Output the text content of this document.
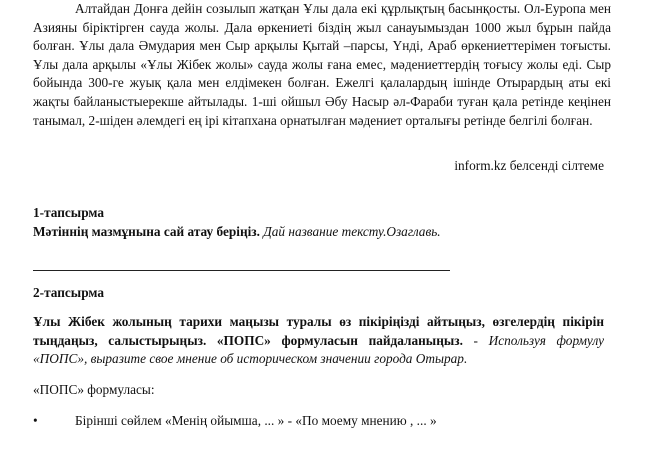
Алтайдан Донға дейін созылып жатқан Ұлы дала екі құрлықтың басынқосты. Ол-Еуропа мен Азияны біріктірген сауда жолы. Дала өркениеті біздің жыл санауымыздан 1000 жыл бұрын пайда болған. Ұлы дала Әмудария мен Сыр арқылы Қытай –парсы, Үнді, Араб өркениеттерімен тоғысты. Ұлы дала арқылы «Ұлы Жібек жолы» сауда жолы ғана емес, мәдениеттердің тоғысу жолы еді. Сыр бойында 300-ге жуық қала мен елдімекен болған. Ежелгі қалалардың ішінде Отырардың аты екі жақты байланыстыерекше айтылады. 1-ші ойшыл Әбу Насыр әл-Фараби туған қала ретінде кеңінен танымал, 2-шіден әлемдегі ең ірі кітапхана орнатылған мәдениет орталығы ретінде белгілі болған.
inform.kz белсенді сілтеме
1-тапсырма
Мәтіннің мазмұнына сай атау беріңіз. Дай название тексту.Озаглавь.
2-тапсырма
Ұлы Жібек жолының тарихи маңызы туралы өз пікіріңізді айтыңыз, өзгелердің пікірін тыңдаңыз, салыстырыңыз. «ПОПС» формуласын пайдаланыңыз. - Используя формулу «ПОПС», выразите свое мнение об историческом значении города Отырар.
«ПОПС» формуласы:
•	Бірінші сөйлем «Менің ойымша, ... » - «По моему мнению , ... »
